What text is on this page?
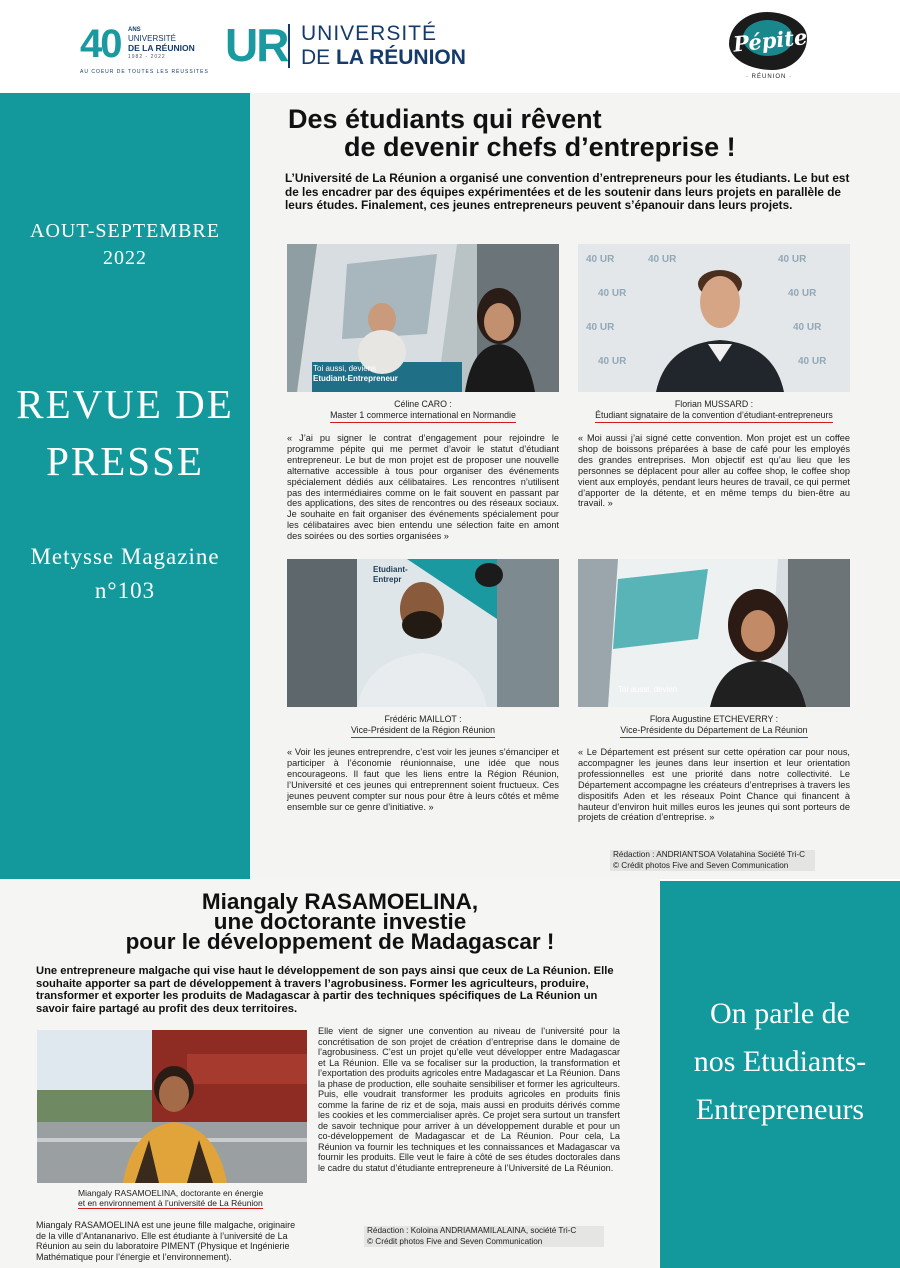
40 ANS
UNIVERSITÉ
DE LA RÉUNION
1982 - 2022
AU COEUR DE TOUTES LES RÉUSSITES
UR UNIVERSITÉ
DE LA RÉUNION
Pépite
· RÉUNION ·
AOUT-SEPTEMBRE
2022
REVUE DE
PRESSE
Metysse Magazine
n°103
Des étudiants qui rêvent
de devenir chefs d’entreprise !
L’Université de La Réunion a organisé une convention d’entrepreneurs pour les étudiants. Le but est de les encadrer par des équipes expérimentées et de les soutenir dans leurs projets en parallèle de leurs études. Finalement, ces jeunes entrepreneurs peuvent s’épanouir dans leurs projets.
Toi aussi, deviens
Etudiant-Entrepreneur
40 UR	40 UR	40 UR
40 UR	40 UR
40 UR	40 UR
40 UR	40 UR
Céline CARO :
Master 1 commerce international en Normandie
Florian MUSSARD :
Étudiant signataire de la convention d’étudiant-entrepreneurs
« J’ai pu signer le contrat d’engagement pour rejoindre le programme pépite qui me permet d’avoir le statut d’étudiant entrepreneur. Le but de mon projet est de proposer une nouvelle alternative accessible à tous pour organiser des événements spécialement dédiés aux célibataires. Les rencontres n’utilisent pas des intermédiaires comme on le fait souvent en passant par des applications, des sites de rencontres ou des réseaux sociaux. Je souhaite en fait organiser des événements spécialement pour les célibataires avec bien entendu une sélection faite en amont des soirées ou des sorties organisées »
« Moi aussi j’ai signé cette convention. Mon projet est un coffee shop de boissons préparées à base de café pour les employés des grandes entreprises. Mon objectif est qu’au lieu que les personnes se déplacent pour aller au coffee shop, le coffee shop vient aux employés, pendant leurs heures de travail, ce qui permet d’apporter de la détente, et en même temps du bien-être au travail. »
Etudiant-
Entrepr
Toi aussi, devien
Frédéric MAILLOT :
Vice-Président de la Région Réunion
Flora Augustine ETCHEVERRY :
Vice-Présidente du Département de La Réunion
« Voir les jeunes entreprendre, c’est voir les jeunes s’émanciper et participer à l’économie réunionnaise, une idée que nous encourageons. Il faut que les liens entre la Région Réunion, l’Université et ces jeunes qui entreprennent soient fructueux. Ces jeunes peuvent compter sur nous pour être à leurs côtés et même ensemble sur ce genre d’initiative. »
« Le Département est présent sur cette opération car pour nous, accompagner les jeunes dans leur insertion et leur orientation professionnelles est une priorité dans notre collectivité. Le Département accompagne les créateurs d’entreprises à travers les dispositifs Aden et les réseaux Point Chance qui financent à hauteur d’environ huit milles euros les jeunes qui sont porteurs de projets de création d’entreprise. »
Rédaction : ANDRIANTSOA Volatahina Société Tri-C
© Crédit photos Five and Seven Communication
Miangaly RASAMOELINA,
une doctorante investie
pour le développement de Madagascar !
Une entrepreneure malgache qui vise haut le développement de son pays ainsi que ceux de La Réunion. Elle souhaite apporter sa part de développement à travers l’agrobusiness. Former les agriculteurs, produire, transformer et exporter les produits de Madagascar à partir des techniques spécifiques de La Réunion un savoir faire partagé au profit des deux territoires.
Miangaly RASAMOELINA, doctorante en énergie
et en environnement à l’université de La Réunion
Elle vient de signer une convention au niveau de l’université pour la concrétisation de son projet de création d’entreprise dans le domaine de l’agrobusiness. C’est un projet qu’elle veut développer entre Madagascar et La Réunion. Elle va se focaliser sur la production, la transformation et l’exportation des produits agricoles entre Madagascar et La Réunion. Dans la phase de production, elle souhaite sensibiliser et former les agriculteurs. Puis, elle voudrait transformer les produits agricoles en produits finis comme la farine de riz et de soja, mais aussi en produits dérivés comme les cookies et les commercialiser après. Ce projet sera surtout un transfert de savoir technique pour arriver à un développement durable et pour un co-développement de Madagascar et de La Réunion. Pour cela, La Réunion va fournir les techniques et les connaissances et Madagascar va fournir les produits. Elle veut le faire à côté de ses études doctorales dans le cadre du statut d’étudiante entrepreneure à l’Université de La Réunion.
Miangaly RASAMOELINA est une jeune fille malgache, originaire de la ville d’Antananarivo. Elle est étudiante à l’université de La Réunion au sein du laboratoire PIMENT (Physique et Ingénierie Mathématique pour l’énergie et l’environnement).
Rédaction : Koloina ANDRIAMAMILALAINA, société Tri-C
© Crédit photos Five and Seven Communication
On parle de
nos Etudiants-
Entrepreneurs
